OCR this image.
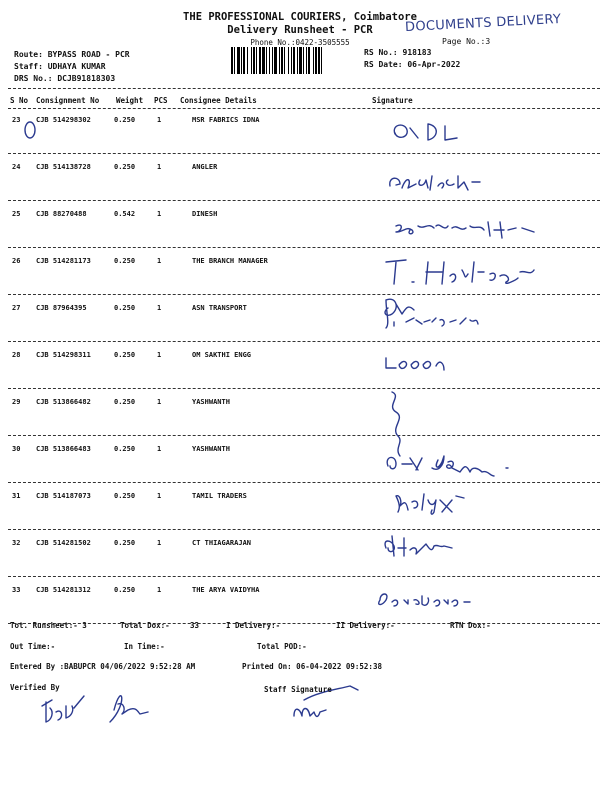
THE PROFESSIONAL COURIERS, Coimbatore
Delivery Runsheet - PCR
Phone No.:0422-3505555	Page No.:3
DOCUMENTS DELIVERY
Route: BYPASS ROAD - PCR
Staff: UDHAYA KUMAR
DRS No.: DCJB91818303
RS No.: 918183
RS Date: 06-Apr-2022
S No Consignment No Weight PCS Consignee Details	Signature
23 CJB 514298302	0.250	1	MSR FABRICS IDNA
24 CJB 514138728	0.250	1	ANGLER
25 CJB 88270488	0.542	1	DINESH
26 CJB 514281173	0.250	1	THE BRANCH MANAGER
27 CJB 87964395	0.250	1	ASN TRANSPORT
28 CJB 514298311	0.250	1	OM SAKTHI ENGG
29 CJB 513866482	0.250	1	YASHWANTH
30 CJB 513866483	0.250	1	YASHWANTH
31 CJB 514187073	0.250	1	TAMIL TRADERS
32 CJB 514281502	0.250	1	CT THIAGARAJAN
33 CJB 514281312	0.250	1	THE ARYA VAIDYHA
Tot. Runsheet:- 3	Total Dox:-	33	I Delivery:-	II Delivery:-	RTN Dox:-
Out Time:-	In Time:-	Total POD:-
Entered By :BABUPCR 04/06/2022 9:52:28 AM	Printed On: 06-04-2022 09:52:38
Verified By	Staff Signature
